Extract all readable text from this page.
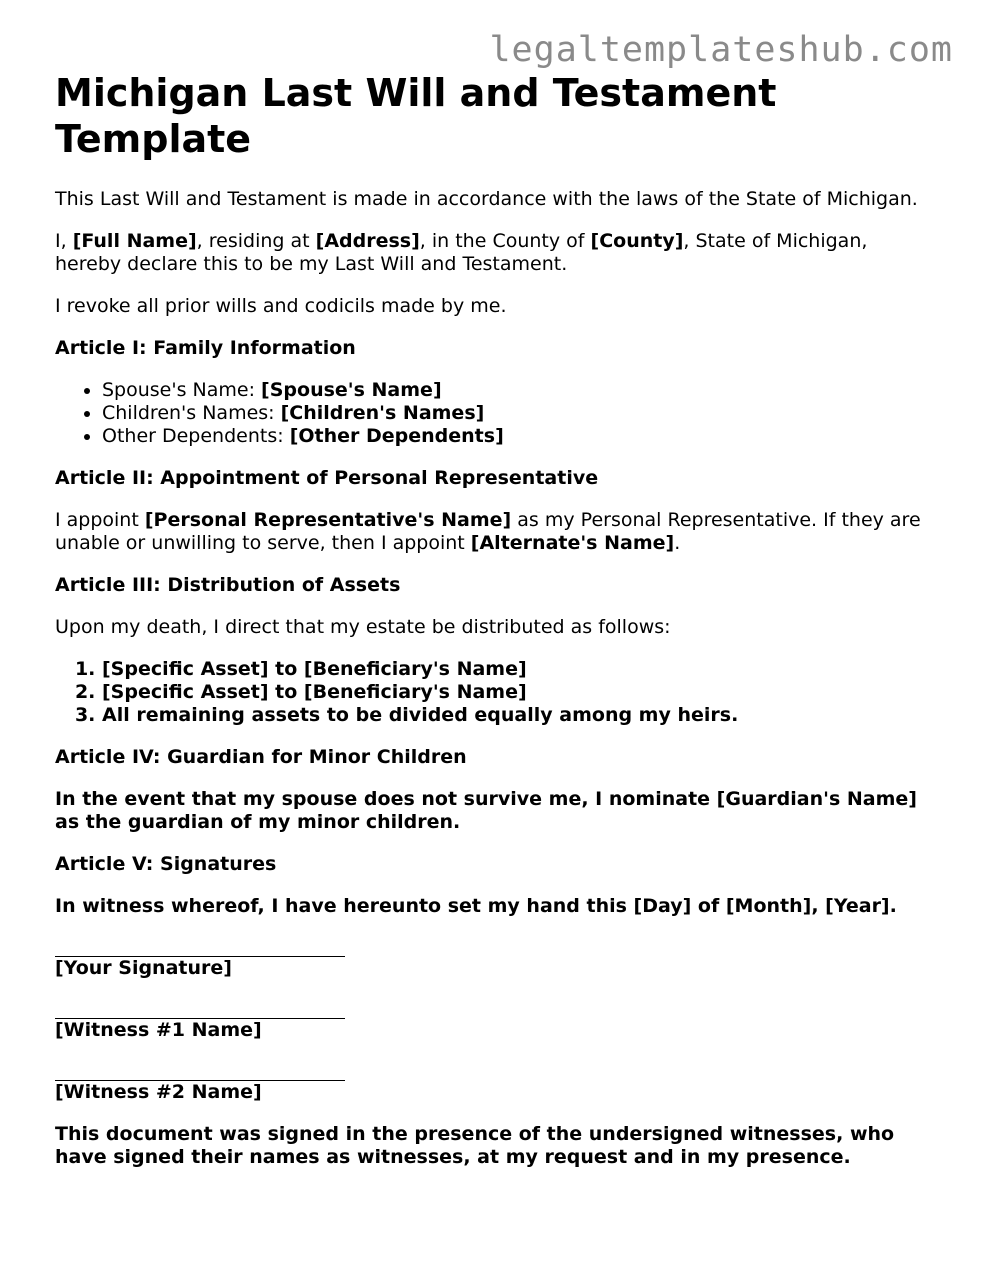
legaltemplateshub.com
Michigan Last Will and Testament Template

This Last Will and Testament is made in accordance with the laws of the State of Michigan.

I, [Full Name], residing at [Address], in the County of [County], State of Michigan, hereby declare this to be my Last Will and Testament.

I revoke all prior wills and codicils made by me.

Article I: Family Information

• Spouse's Name: [Spouse's Name]
• Children's Names: [Children's Names]
• Other Dependents: [Other Dependents]

Article II: Appointment of Personal Representative

I appoint [Personal Representative's Name] as my Personal Representative. If they are unable or unwilling to serve, then I appoint [Alternate's Name].

Article III: Distribution of Assets

Upon my death, I direct that my estate be distributed as follows:

1. [Specific Asset] to [Beneficiary's Name]
2. [Specific Asset] to [Beneficiary's Name]
3. All remaining assets to be divided equally among my heirs.

Article IV: Guardian for Minor Children

In the event that my spouse does not survive me, I nominate [Guardian's Name] as the guardian of my minor children.

Article V: Signatures

In witness whereof, I have hereunto set my hand this [Day] of [Month], [Year].

[Your Signature]

[Witness #1 Name]

[Witness #2 Name]

This document was signed in the presence of the undersigned witnesses, who have signed their names as witnesses, at my request and in my presence.
